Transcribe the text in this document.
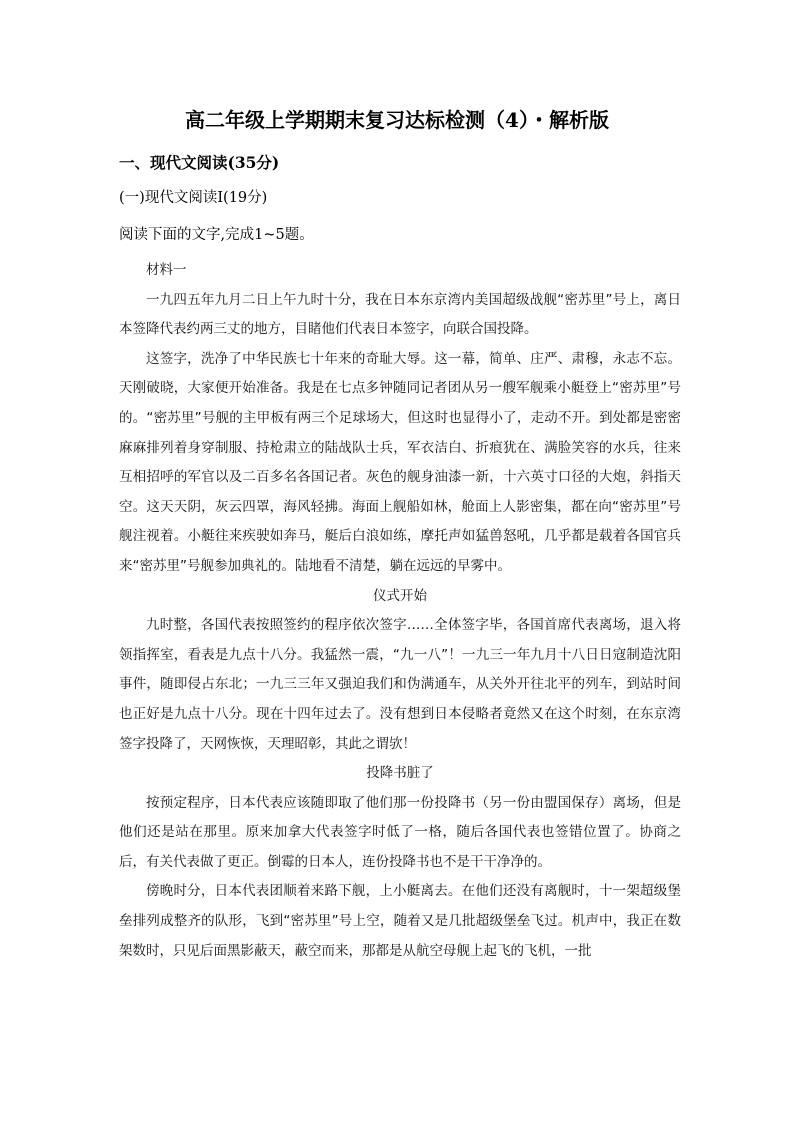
高二年级上学期期末复习达标检测（4）・解析版
一、现代文阅读(35分)
(一)现代文阅读Ⅰ(19分)
阅读下面的文字,完成1~5题。

材料一

一九四五年九月二日上午九时十分，我在日本东京湾内美国超级战舰“密苏里”号上，离日本签降代表约两三丈的地方，目睹他们代表日本签字，向联合国投降。

这签字，洗净了中华民族七十年来的奇耻大辱。这一幕，简单、庄严、肃穆，永志不忘。天刚破晓，大家便开始准备。我是在七点多钟随同记者团从另一艘军舰乘小艇登上“密苏里”号的。“密苏里”号舰的主甲板有两三个足球场大，但这时也显得小了，走动不开。到处都是密密麻麻排列着身穿制服、持枪肃立的陆战队士兵，军衣洁白、折痕犹在、满脸笑容的水兵，往来互相招呼的军官以及二百多名各国记者。灰色的舰身油漆一新，十六英寸口径的大炮，斜指天空。这天天阴，灰云四罩，海风轻拂。海面上舰船如林，舱面上人影密集，都在向“密苏里”号舰注视着。小艇往来疾驶如奔马，艇后白浪如练，摩托声如猛兽怒吼，几乎都是载着各国官兵来“密苏里”号舰参加典礼的。陆地看不清楚，躺在远远的早雾中。

仪式开始

九时整，各国代表按照签约的程序依次签字……全体签字毕，各国首席代表离场，退入将领指挥室，看表是九点十八分。我猛然一震，“九一八”！一九三一年九月十八日日寇制造沈阳事件，随即侵占东北；一九三三年又强迫我们和伪满通车，从关外开往北平的列车，到站时间也正好是九点十八分。现在十四年过去了。没有想到日本侵略者竟然又在这个时刻，在东京湾签字投降了，天网恢恢，天理昭彰，其此之谓欤！

投降书脏了

按预定程序，日本代表应该随即取了他们那一份投降书（另一份由盟国保存）离场，但是他们还是站在那里。原来加拿大代表签字时低了一格，随后各国代表也签错位置了。协商之后，有关代表做了更正。倒霉的日本人，连份投降书也不是干干净净的。

傍晚时分，日本代表团顺着来路下舰，上小艇离去。在他们还没有离舰时，十一架超级堡垒排列成整齐的队形，飞到“密苏里”号上空，随着又是几批超级堡垒飞过。机声中，我正在数架数时，只见后面黑影蔽天，蔽空而来，那都是从航空母舰上起飞的飞机，一批
